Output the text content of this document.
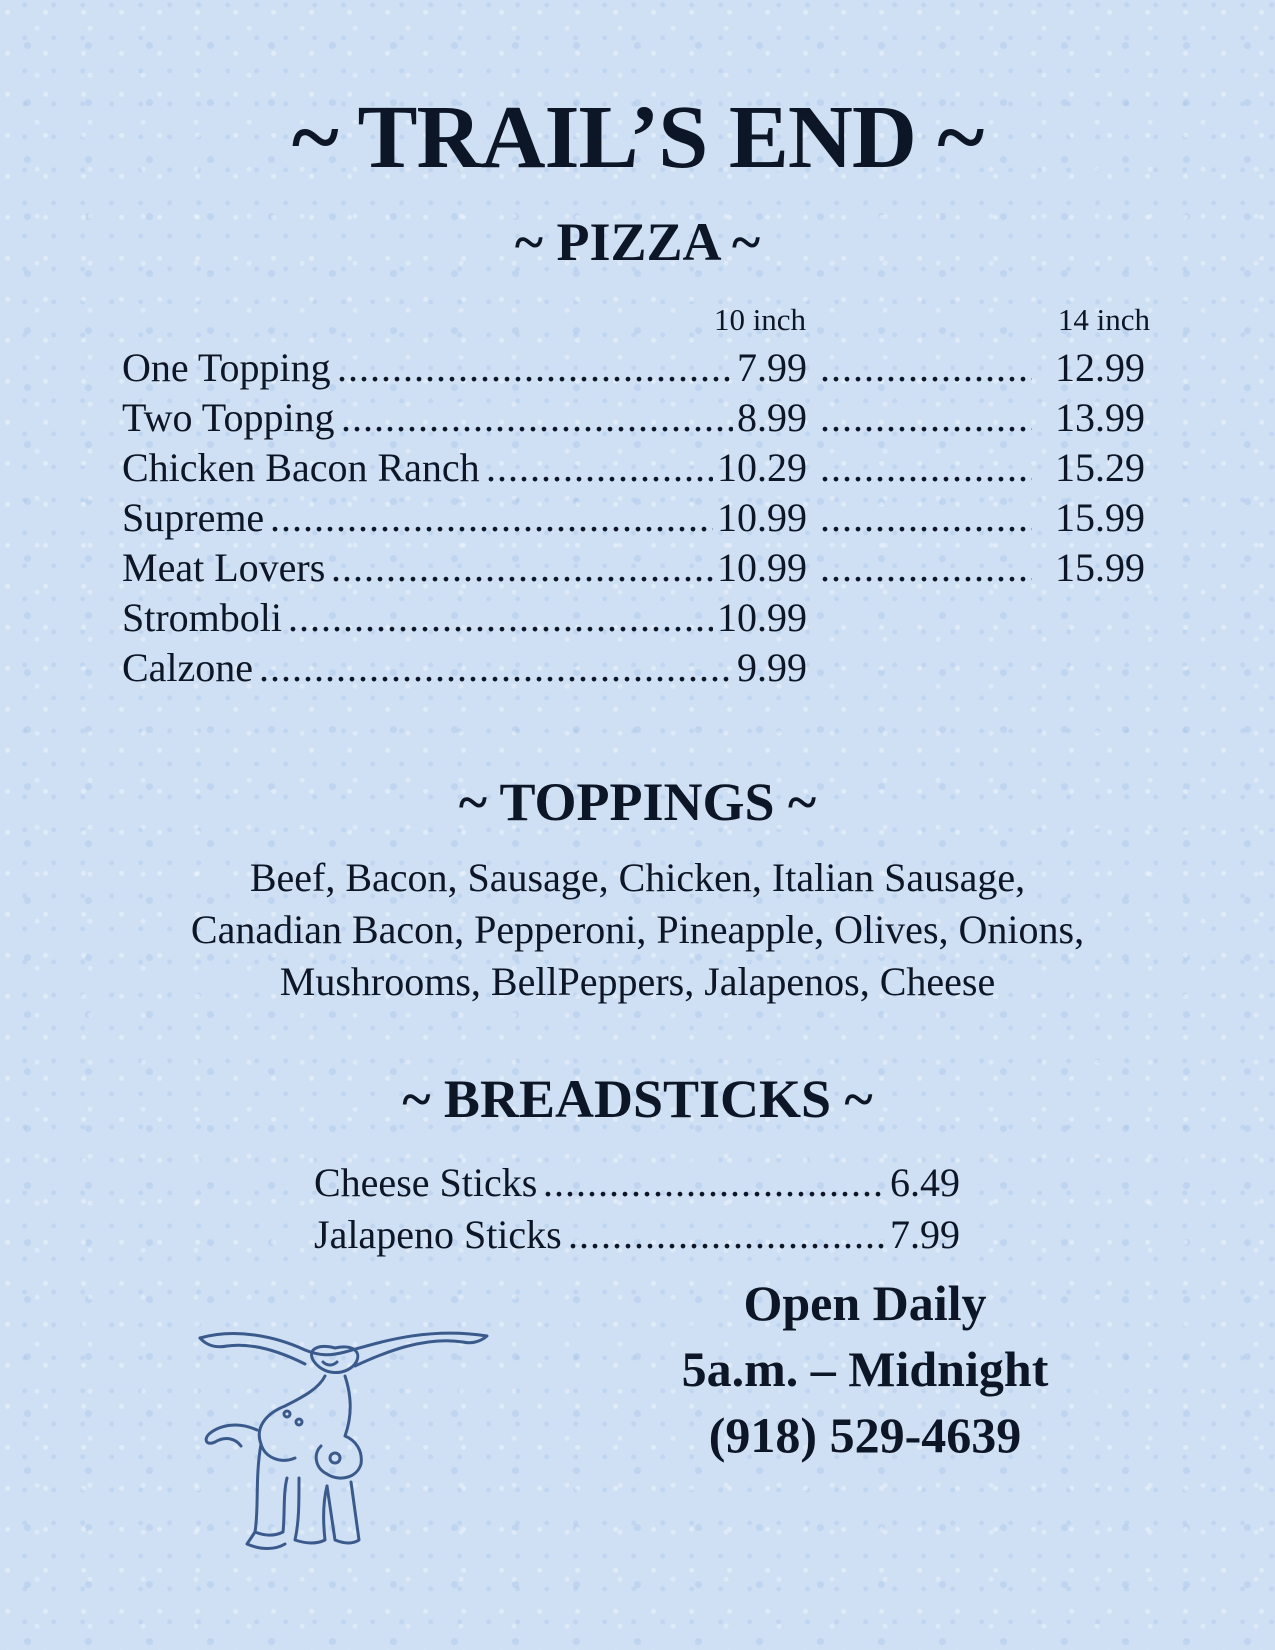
~ TRAIL’S END ~
~ PIZZA ~
10 inch	14 inch
One Topping	7.99 ..... .....	12.99
Two Topping	8.99 ..... .....	13.99
Chicken Bacon Ranch	10.29 ..... .....	15.29
Supreme	10.99 ..... .....	15.99
Meat Lovers	10.99 ..... .....	15.99
Stromboli	10.99
.....
Calzone	9.99
.....
~ TOPPINGS ~
Beef, Bacon, Sausage, Chicken, Italian Sausage,
Canadian Bacon, Pepperoni, Pineapple, Olives, Onions,
Mushrooms, BellPeppers, Jalapenos, Cheese
~ BREADSTICKS ~
Cheese Sticks .....	6.49
Jalapeno Sticks .....	7.99
Open Daily
5a.m. – Midnight
(918) 529-4639
